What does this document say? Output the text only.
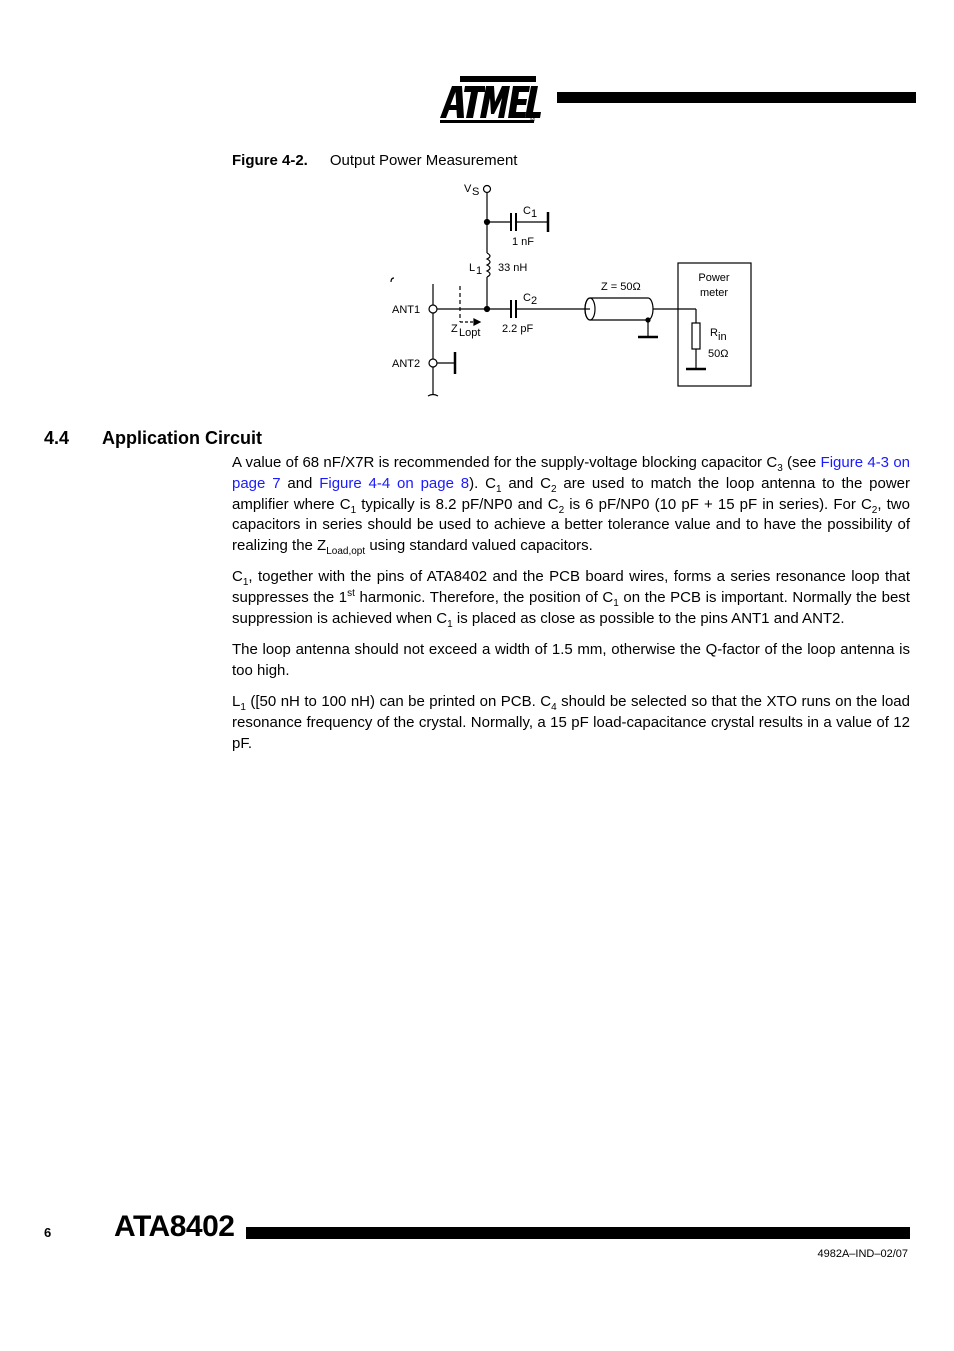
®
Figure 4-2. Output Power Measurement
V S
C 1
1 nF
L 1 33 nH
C 2
2.2 pF
ANT1
ANT2
Z Lopt
Z = 50Ω
Power
meter
R in
50Ω
4.4 Application Circuit

A value of 68 nF/X7R is recommended for the supply-voltage blocking capacitor $C_3$ (see Figure 4-3 on page 7 and Figure 4-4 on page 8). $C_1$ and $C_2$ are used to match the loop antenna to the power amplifier where $C_1$ typically is 8.2 pF/NP0 and $C_2$ is 6 pF/NP0 (10 pF + 15 pF in series). For $C_2$, two capacitors in series should be used to achieve a better tolerance value and to have the possibility of realizing the $Z_{Load,opt}$ using standard valued capacitors.

$C_1$, together with the pins of ATA8402 and the PCB board wires, forms a series resonance loop that suppresses the 1st harmonic. Therefore, the position of $C_1$ on the PCB is important. Normally the best suppression is achieved when $C_1$ is placed as close as possible to the pins ANT1 and ANT2.

The loop antenna should not exceed a width of 1.5 mm, otherwise the Q-factor of the loop antenna is too high.

$L_1$ ([50 nH to 100 nH) can be printed on PCB. $C_4$ should be selected so that the XTO runs on the load resonance frequency of the crystal. Normally, a 15 pF load-capacitance crystal results in a value of 12 pF.

6 ATA8402
4982A–IND–02/07
